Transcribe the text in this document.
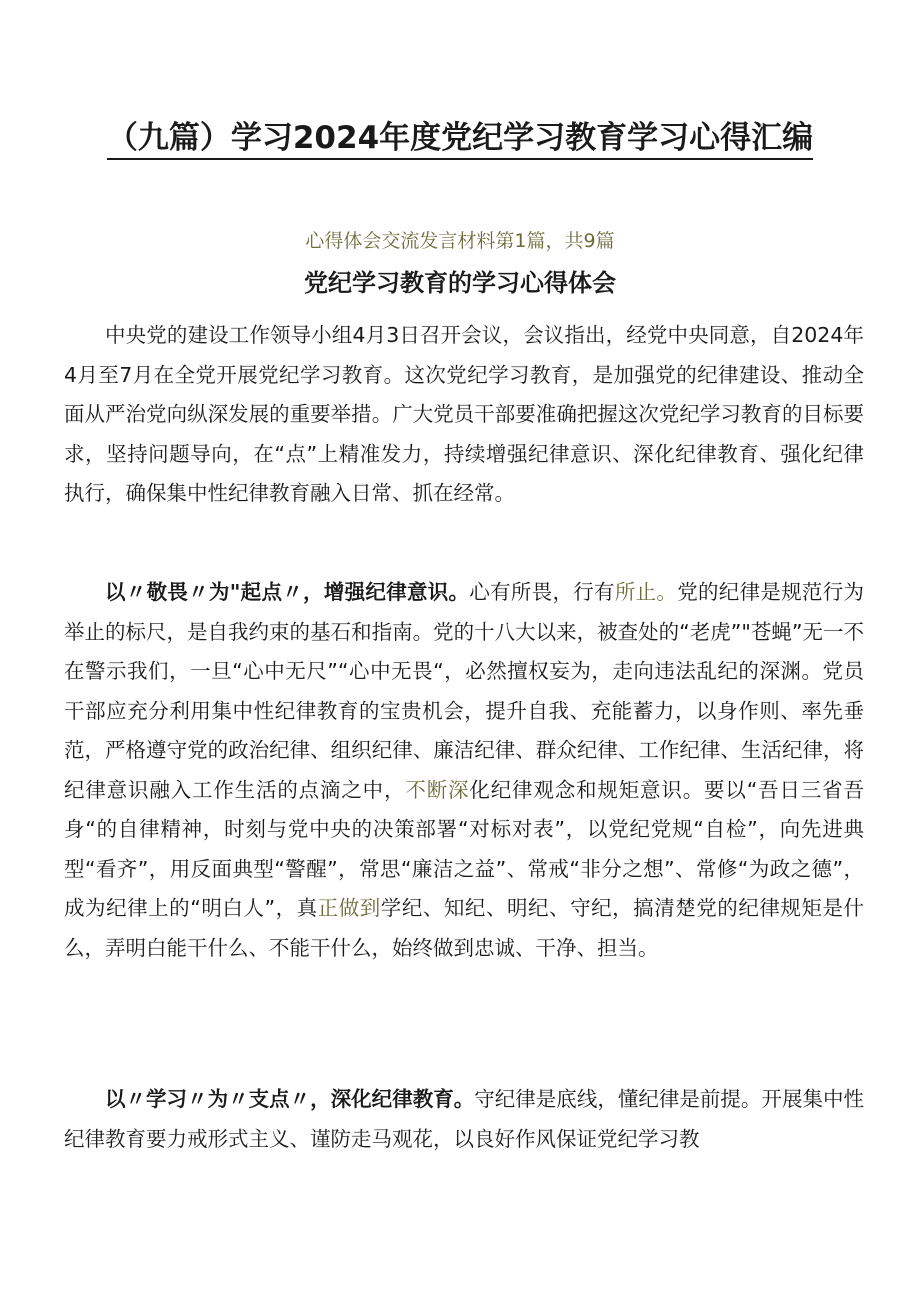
（九篇）学习2024年度党纪学习教育学习心得汇编

心得体会交流发言材料第1篇，共9篇

党纪学习教育的学习心得体会

中央党的建设工作领导小组4月3日召开会议，会议指出，经党中央同意，自2024年4月至7月在全党开展党纪学习教育。这次党纪学习教育，是加强党的纪律建设、推动全面从严治党向纵深发展的重要举措。广大党员干部要准确把握这次党纪学习教育的目标要求，坚持问题导向，在“点”上精准发力，持续增强纪律意识、深化纪律教育、强化纪律执行，确保集中性纪律教育融入日常、抓在经常。

以〃敬畏〃为"起点〃，增强纪律意识。心有所畏，行有所止。党的纪律是规范行为举止的标尺，是自我约束的基石和指南。党的十八大以来，被查处的“老虎”"苍蝇”无一不在警示我们，一旦“心中无尺”“心中无畏“，必然擅权妄为，走向违法乱纪的深渊。党员干部应充分利用集中性纪律教育的宝贵机会，提升自我、充能蓄力，以身作则、率先垂范，严格遵守党的政治纪律、组织纪律、廉洁纪律、群众纪律、工作纪律、生活纪律，将纪律意识融入工作生活的点滴之中，不断深化纪律观念和规矩意识。要以“吾日三省吾身“的自律精神，时刻与党中央的决策部署“对标对表”，以党纪党规“自检”，向先进典型“看齐”，用反面典型“警醒”，常思“廉洁之益”、常戒“非分之想”、常修“为政之德”，成为纪律上的“明白人”，真正做到学纪、知纪、明纪、守纪，搞清楚党的纪律规矩是什么，弄明白能干什么、不能干什么，始终做到忠诚、干净、担当。

以〃学习〃为〃支点〃，深化纪律教育。守纪律是底线，懂纪律是前提。开展集中性纪律教育要力戒形式主义、谨防走马观花，以良好作风保证党纪学习教
